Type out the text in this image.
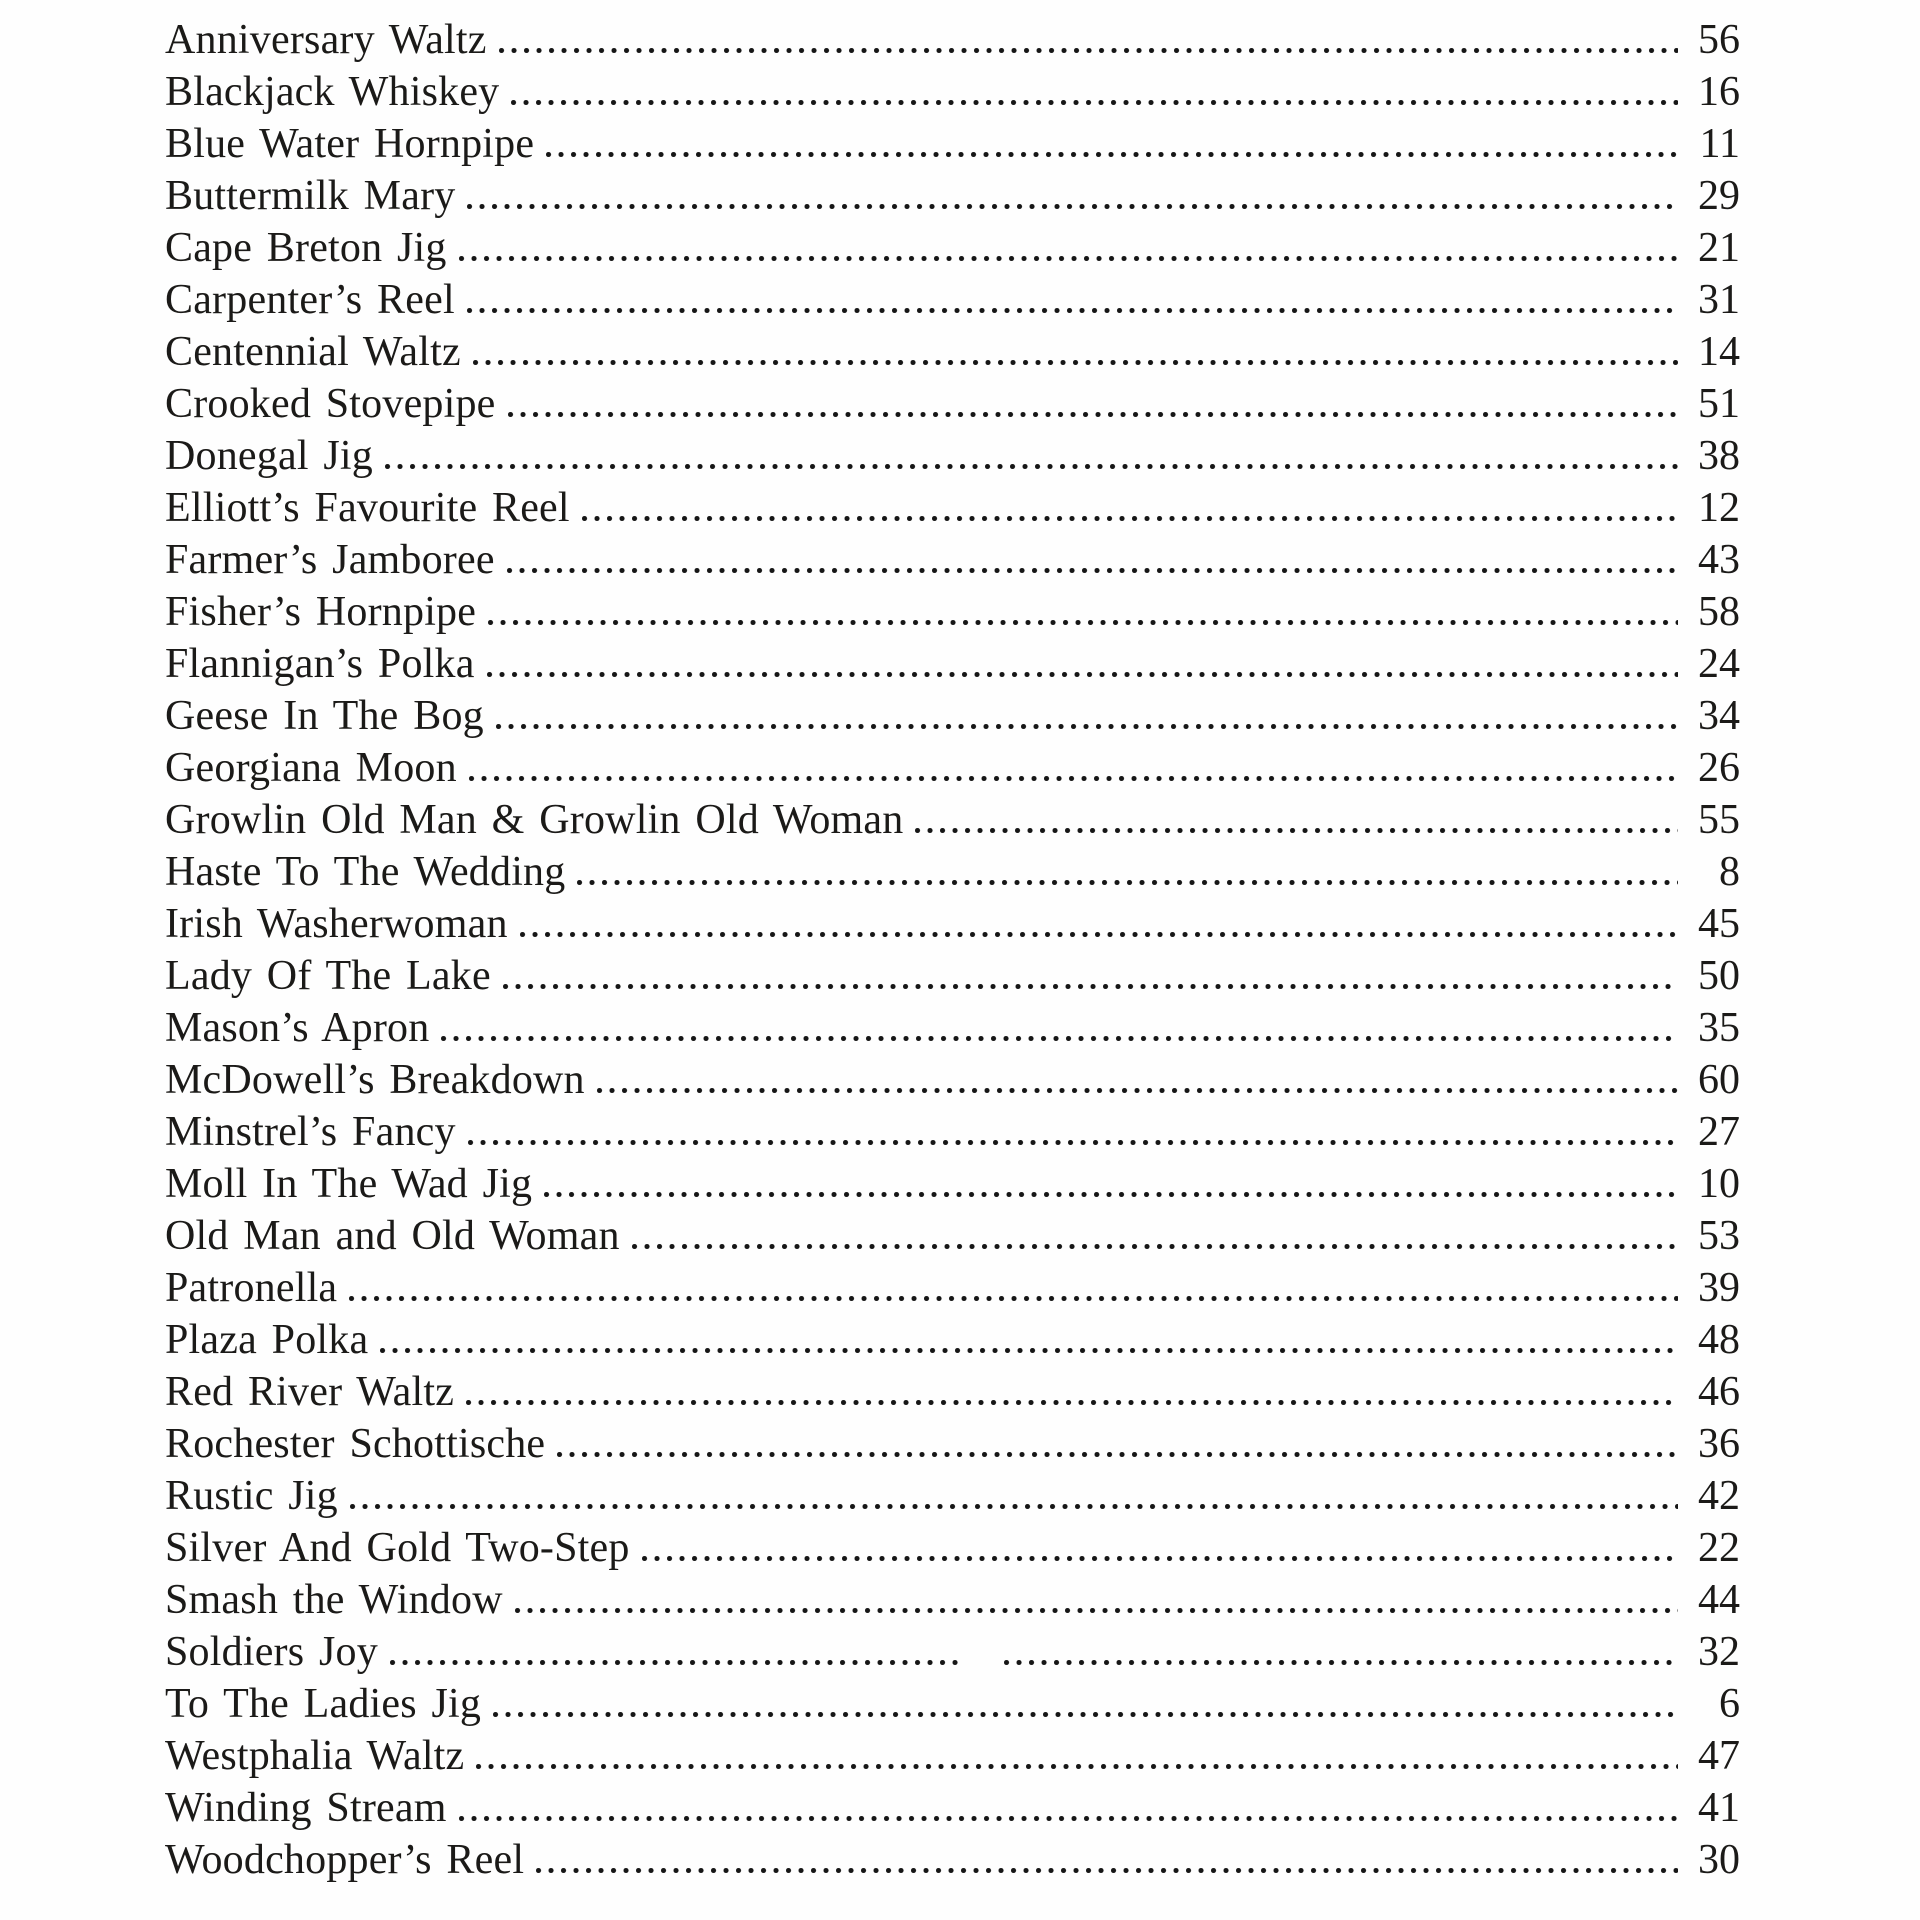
Anniversary Waltz	56
Blackjack Whiskey	16
Blue Water Hornpipe	11
Buttermilk Mary	29
Cape Breton Jig	21
Carpenter’s Reel	31
Centennial Waltz	14
Crooked Stovepipe	51
Donegal Jig	38
Elliott’s Favourite Reel	12
Farmer’s Jamboree	43
Fisher’s Hornpipe	58
Flannigan’s Polka	24
Geese In The Bog	34
Georgiana Moon	26
Growlin Old Man & Growlin Old Woman	55
Haste To The Wedding	8
Irish Washerwoman	45
Lady Of The Lake	50
Mason’s Apron	35
McDowell’s Breakdown	60
Minstrel’s Fancy	27
Moll In The Wad Jig	10
Old Man and Old Woman	53
Patronella	39
Plaza Polka	48
Red River Waltz	46
Rochester Schottische	36
Rustic Jig	42
Silver And Gold Two-Step	22
Smash the Window	44
Soldiers Joy	32
To The Ladies Jig	6
Westphalia Waltz	47
Winding Stream	41
Woodchopper’s Reel	30
